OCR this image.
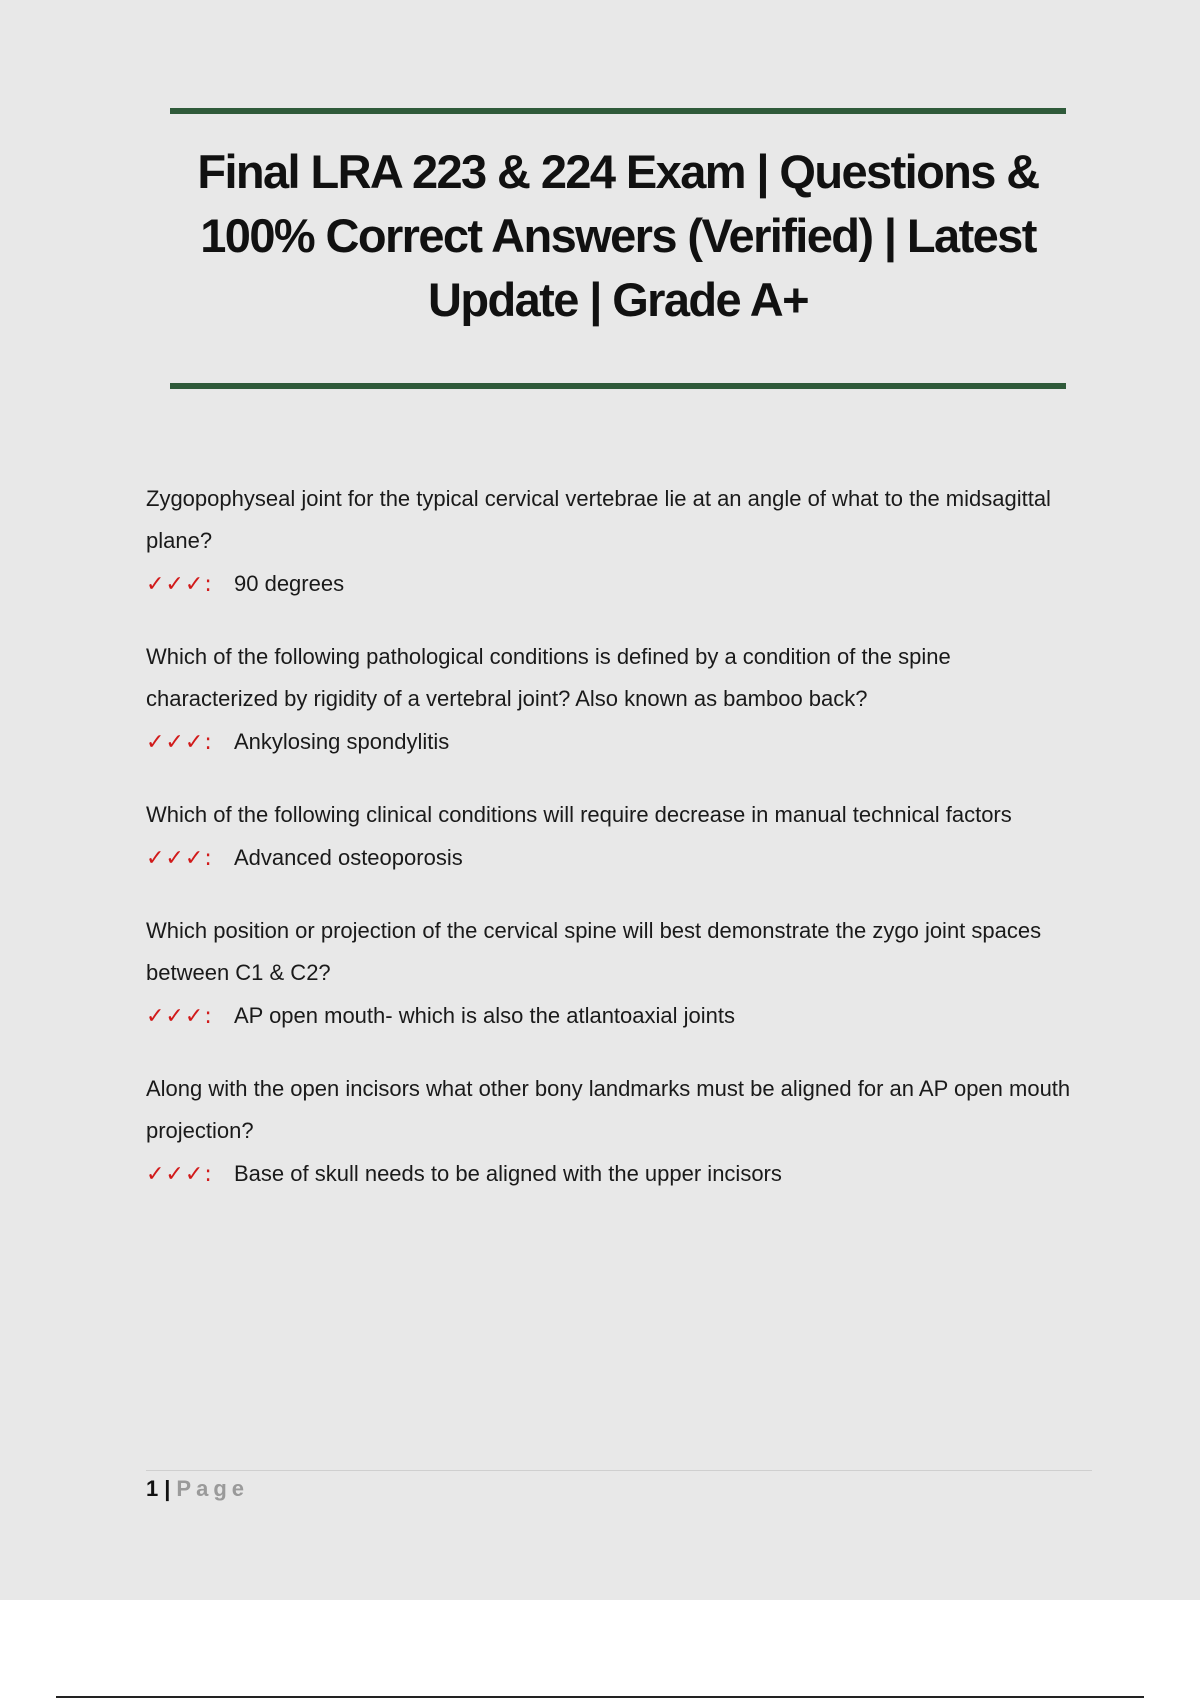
Final LRA 223 & 224 Exam | Questions & 100% Correct Answers (Verified) | Latest Update | Grade A+

Zygopophyseal joint for the typical cervical vertebrae lie at an angle of what to the midsagittal plane?

✓✓✓: 90 degrees

Which of the following pathological conditions is defined by a condition of the spine characterized by rigidity of a vertebral joint? Also known as bamboo back?

✓✓✓: Ankylosing spondylitis

Which of the following clinical conditions will require decrease in manual technical factors

✓✓✓: Advanced osteoporosis

Which position or projection of the cervical spine will best demonstrate the zygo joint spaces between C1 & C2?

✓✓✓: AP open mouth- which is also the atlantoaxial joints

Along with the open incisors what other bony landmarks must be aligned for an AP open mouth projection?

✓✓✓: Base of skull needs to be aligned with the upper incisors
1 | Page
